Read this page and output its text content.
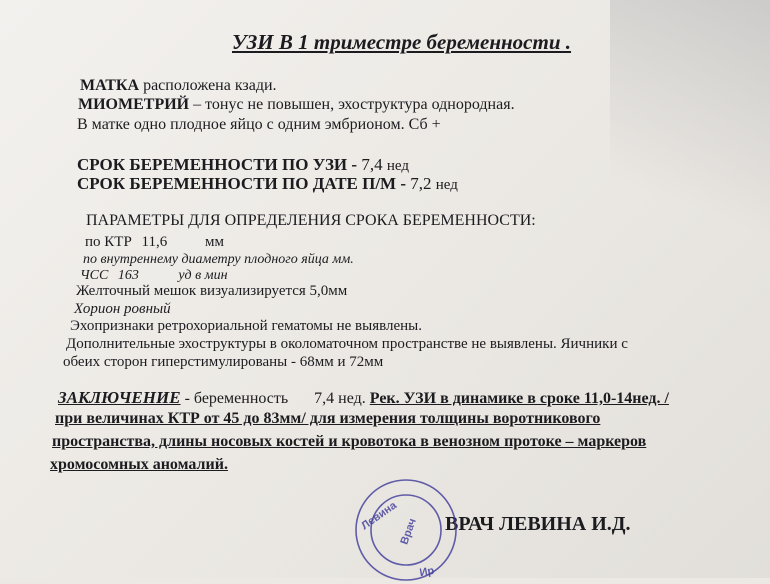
УЗИ В 1 триместре беременности .
МАТКА расположена кзади.
МИОМЕТРИЙ – тонус не повышен, эхоструктура однородная.
В матке одно плодное яйцо с одним эмбрионом. Сб +
СРОК БЕРЕМЕННОСТИ ПО УЗИ - 7,4 нед
СРОК БЕРЕМЕННОСТИ ПО ДАТЕ П/М - 7,2 нед
ПАРАМЕТРЫ ДЛЯ ОПРЕДЕЛЕНИЯ СРОКА БЕРЕМЕННОСТИ:
по КТР 11,6	мм
по внутреннему диаметру плодного яйца мм.
ЧСС 163	уд в мин
Желточный мешок визуализируется 5,0мм
Хорион ровный
Эхопризнаки ретрохориальной гематомы не выявлены.
Дополнительные эхоструктуры в околоматочном пространстве не выявлены. Яичники с
обеих сторон гиперстимулированы - 68мм и 72мм
ЗАКЛЮЧЕНИЕ - беременность 7,4 нед. Рек. УЗИ в динамике в сроке 11,0-14нед. /
при величинах КТР от 45 до 83мм/ для измерения толщины воротникового
пространства, длины носовых костей и кровотока в венозном протоке – маркеров
хромосомных аномалий.
ВРАЧ ЛЕВИНА И.Д.
Левина
Ир
Врач
